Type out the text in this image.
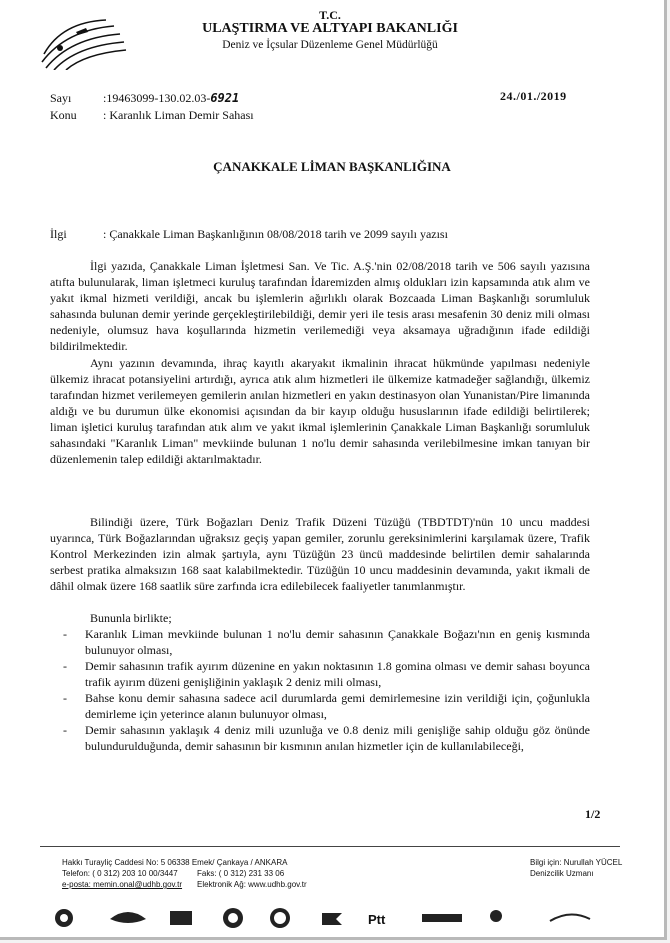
T.C.
ULAŞTIRMA VE ALTYAPI BAKANLIĞI
Deniz ve İçsular Düzenleme Genel Müdürlüğü
Sayı	:19463099-130.02.03-6921
Konu : Karanlık Liman Demir Sahası
24./01./2019
ÇANAKKALE LİMAN BAŞKANLIĞINA
İlgi	: Çanakkale Liman Başkanlığının 08/08/2018 tarih ve 2099 sayılı yazısı
İlgi yazıda, Çanakkale Liman İşletmesi San. Ve Tic. A.Ş.'nin 02/08/2018 tarih ve 506 sayılı yazısına atıfta bulunularak, liman işletmeci kuruluş tarafından İdaremizden almış oldukları izin kapsamında atık alım ve yakıt ikmal hizmeti verildiği, ancak bu işlemlerin ağırlıklı olarak Bozcaada Liman Başkanlığı sorumluluk sahasında bulunan demir yerinde gerçekleştirilebildiği, demir yeri ile tesis arası mesafenin 30 deniz mili olması nedeniyle, olumsuz hava koşullarında hizmetin verilemediği veya aksamaya uğradığının ifade edildiği bildirilmektedir.
Aynı yazının devamında, ihraç kayıtlı akaryakıt ikmalinin ihracat hükmünde yapılması nedeniyle ülkemiz ihracat potansiyelini artırdığı, ayrıca atık alım hizmetleri ile ülkemize katmadeğer sağlandığı, ülkemiz tarafından hizmet verilemeyen gemilerin anılan hizmetleri en yakın destinasyon olan Yunanistan/Pire limanında aldığı ve bu durumun ülke ekonomisi açısından da bir kayıp olduğu hususlarının ifade edildiği belirtilerek; liman işletici kuruluş tarafından atık alım ve yakıt ikmal işlemlerinin Çanakkale Liman Başkanlığı sorumluluk sahasındaki "Karanlık Liman" mevkiinde bulunan 1 no'lu demir sahasında verilebilmesine imkan tanıyan bir düzenlemenin talep edildiği aktarılmaktadır.
Bilindiği üzere, Türk Boğazları Deniz Trafik Düzeni Tüzüğü (TBDTDT)'nün 10 uncu maddesi uyarınca, Türk Boğazlarından uğraksız geçiş yapan gemiler, zorunlu gereksinimlerini karşılamak üzere, Trafik Kontrol Merkezinden izin almak şartıyla, aynı Tüzüğün 23 üncü maddesinde belirtilen demir sahalarında serbest pratika almaksızın 168 saat kalabilmektedir. Tüzüğün 10 uncu maddesinin devamında, yakıt ikmali de dâhil olmak üzere 168 saatlik süre zarfında icra edilebilecek faaliyetler tanımlanmıştır.
Bununla birlikte;
- Karanlık Liman mevkiinde bulunan 1 no'lu demir sahasının Çanakkale Boğazı'nın en geniş kısmında bulunuyor olması,
- Demir sahasının trafik ayırım düzenine en yakın noktasının 1.8 gomina olması ve demir sahası boyunca trafik ayırım düzeni genişliğinin yaklaşık 2 deniz mili olması,
- Bahse konu demir sahasına sadece acil durumlarda gemi demirlemesine izin verildiği için, çoğunlukla demirleme için yeterince alanın bulunuyor olması,
- Demir sahasının yaklaşık 4 deniz mili uzunluğa ve 0.8 deniz mili genişliğe sahip olduğu göz önünde bulundurulduğunda, demir sahasının bir kısmının anılan hizmetler için de kullanılabileceği,
1/2
Hakkı Turayliç Caddesi No: 5 06338 Emek/ Çankaya / ANKARA
Telefon: ( 0 312) 203 10 00/3447
e-posta: memin.onal@udhb.gov.tr
Faks: ( 0 312) 231 33 06
Elektronik Ağ: www.udhb.gov.tr
Bilgi için: Nurullah YÜCEL
Denizcilik Uzmanı
Ptt
